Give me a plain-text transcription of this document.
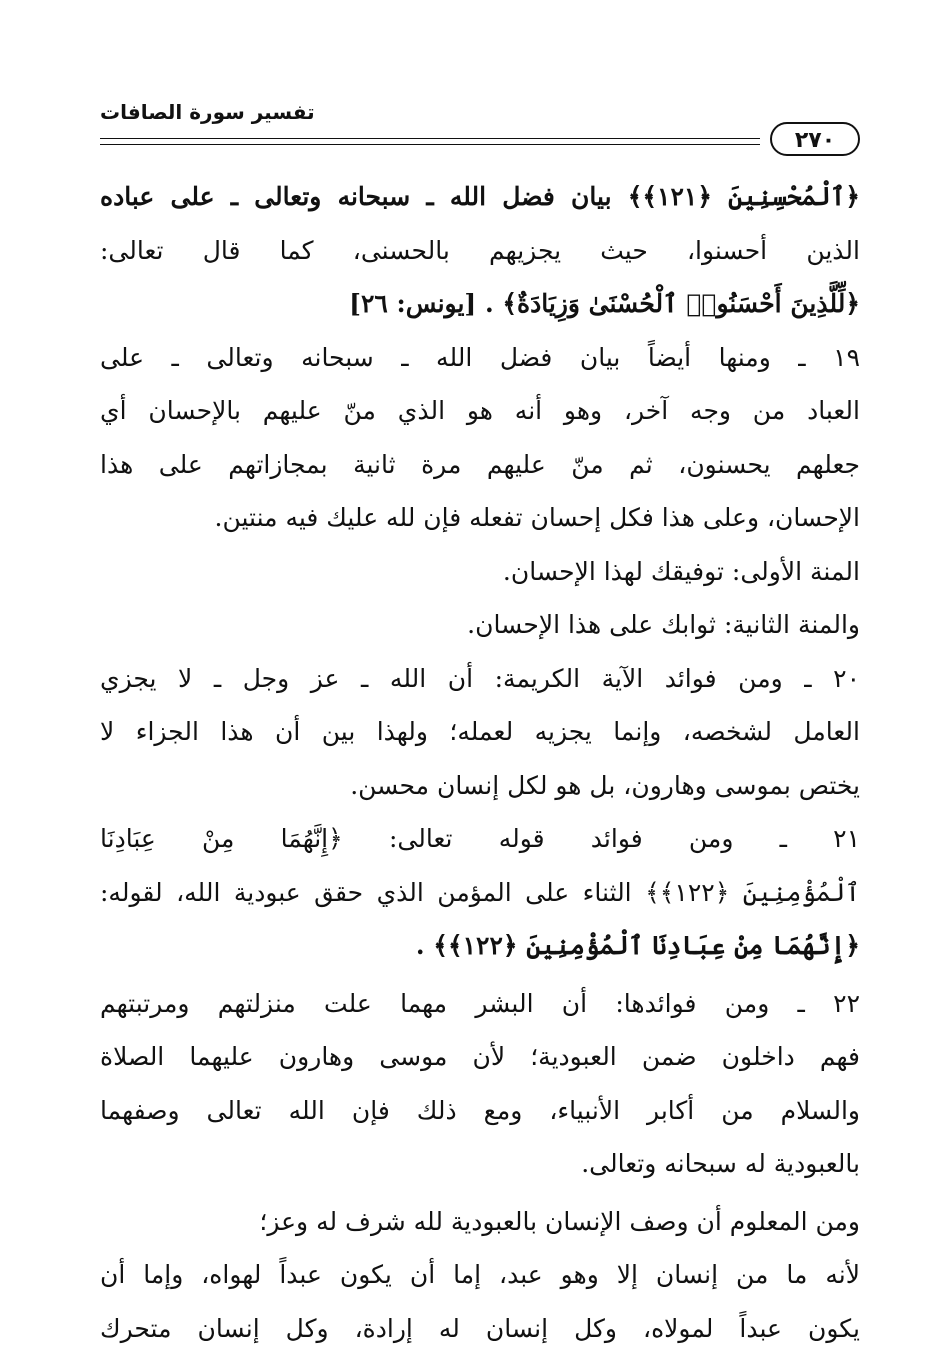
تفسير سورة الصافات
٢٧٠
﴿ٱلْمُحْسِنِينَ ﴿١٢١﴾﴾ بيان فضل الله ـ سبحانه وتعالى ـ على عباده
الذين أحسنوا، حيث يجزيهم بالحسنى، كما قال تعالى:
﴿لِّلَّذِينَ أَحْسَنُوا۟ ٱلْحُسْنَىٰ وَزِيَادَةٌ﴾ . [يونس: ٢٦]
١٩ ـ ومنها أيضاً بيان فضل الله ـ سبحانه وتعالى ـ على
العباد من وجه آخر، وهو أنه هو الذي منّ عليهم بالإحسان أي
جعلهم يحسنون، ثم منّ عليهم مرة ثانية بمجازاتهم على هذا
الإحسان، وعلى هذا فكل إحسان تفعله فإن لله عليك فيه منتين.
المنة الأولى: توفيقك لهذا الإحسان.
والمنة الثانية: ثوابك على هذا الإحسان.
٢٠ ـ ومن فوائد الآية الكريمة: أن الله ـ عز وجل ـ لا يجزي
العامل لشخصه، وإنما يجزيه لعمله؛ ولهذا بين أن هذا الجزاء لا
يختص بموسى وهارون، بل هو لكل إنسان محسن.
٢١ ـ ومن فوائد قوله تعالى: ﴿إِنَّهُمَا مِنْ عِبَادِنَا
ٱلْمُؤْمِنِينَ ﴿١٢٢﴾﴾ الثناء على المؤمن الذي حقق عبودية الله، لقوله:
﴿إِنَّهُمَا مِنْ عِبَادِنَا ٱلْمُؤْمِنِينَ ﴿١٢٢﴾﴾ .
٢٢ ـ ومن فوائدها: أن البشر مهما علت منزلتهم ومرتبتهم
فهم داخلون ضمن العبودية؛ لأن موسى وهارون عليهما الصلاة
والسلام من أكابر الأنبياء، ومع ذلك فإن الله تعالى وصفهما
بالعبودية له سبحانه وتعالى.
ومن المعلوم أن وصف الإنسان بالعبودية لله شرف له وعز؛
لأنه ما من إنسان إلا وهو عبد، إما أن يكون عبداً لهواه، وإما أن
يكون عبداً لمولاه، وكل إنسان له إرادة، وكل إنسان متحرك
